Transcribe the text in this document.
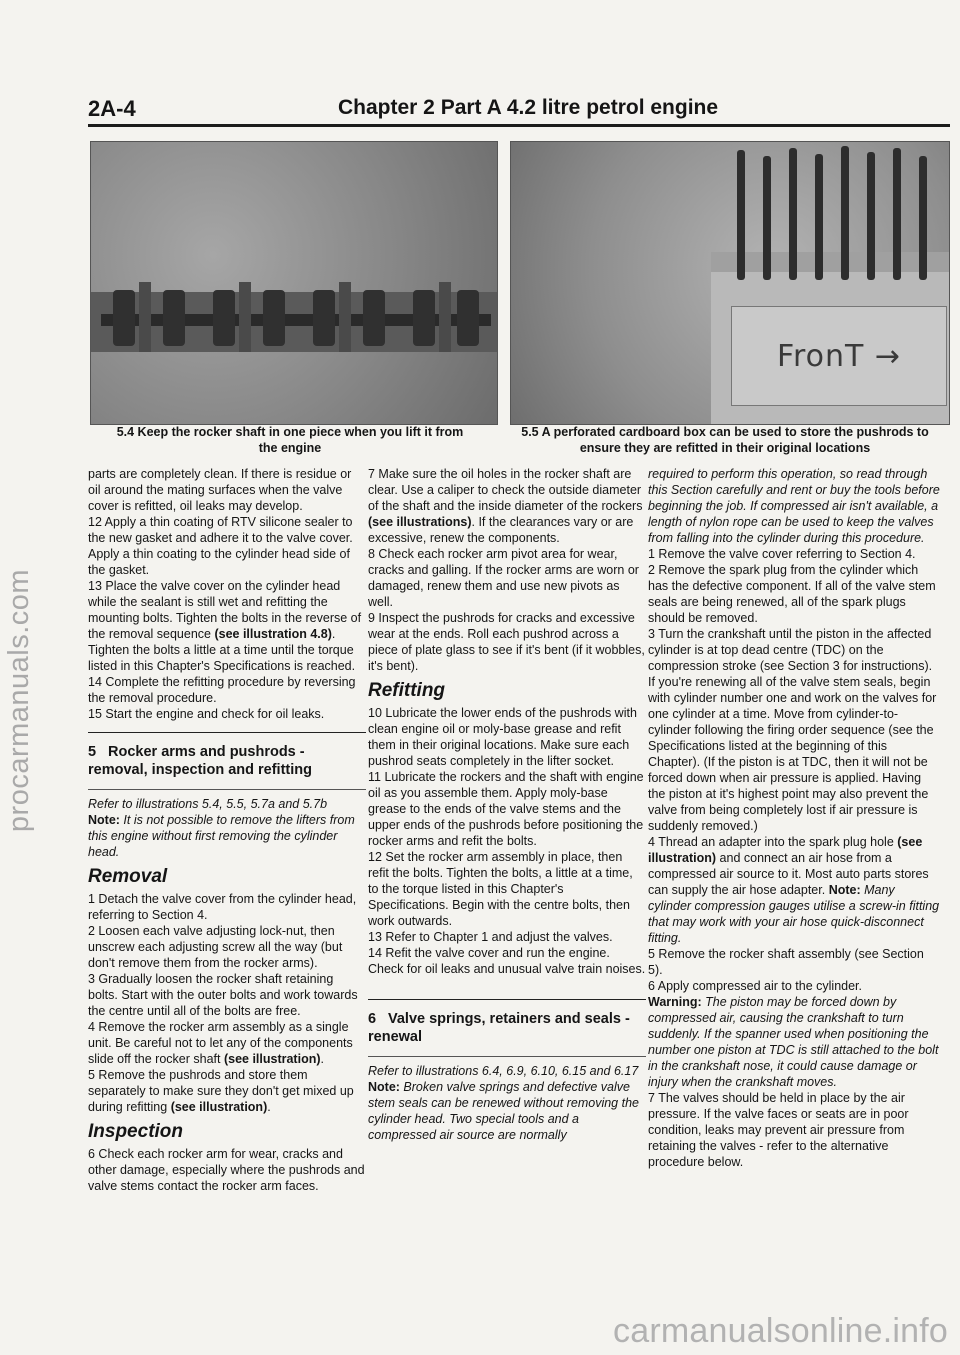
procarmanuals.com
2A-4	Chapter 2 Part A 4.2 litre petrol engine
FronT →
5.4 Keep the rocker shaft in one piece when you lift it from the engine
5.5 A perforated cardboard box can be used to store the pushrods to ensure they are refitted in their original locations

parts are completely clean. If there is residue or oil around the mating surfaces when the valve cover is refitted, oil leaks may develop.

12 Apply a thin coating of RTV silicone sealer to the new gasket and adhere it to the valve cover. Apply a thin coating to the cylinder head side of the gasket.

13 Place the valve cover on the cylinder head while the sealant is still wet and refitting the mounting bolts. Tighten the bolts in the reverse of the removal sequence (see illustration 4.8). Tighten the bolts a little at a time until the torque listed in this Chapter's Specifications is reached.

14 Complete the refitting procedure by reversing the removal procedure.

15 Start the engine and check for oil leaks.

5 Rocker arms and pushrods - removal, inspection and refitting

Refer to illustrations 5.4, 5.5, 5.7a and 5.7b

Note: It is not possible to remove the lifters from this engine without first removing the cylinder head.

Removal

1 Detach the valve cover from the cylinder head, referring to Section 4.

2 Loosen each valve adjusting lock-nut, then unscrew each adjusting screw all the way (but don't remove them from the rocker arms).

3 Gradually loosen the rocker shaft retaining bolts. Start with the outer bolts and work towards the centre until all of the bolts are free.

4 Remove the rocker arm assembly as a single unit. Be careful not to let any of the components slide off the rocker shaft (see illustration).

5 Remove the pushrods and store them separately to make sure they don't get mixed up during refitting (see illustration).

Inspection

6 Check each rocker arm for wear, cracks and other damage, especially where the pushrods and valve stems contact the rocker arm faces.

7 Make sure the oil holes in the rocker shaft are clear. Use a caliper to check the outside diameter of the shaft and the inside diameter of the rockers (see illustrations). If the clearances vary or are excessive, renew the components.

8 Check each rocker arm pivot area for wear, cracks and galling. If the rocker arms are worn or damaged, renew them and use new pivots as well.

9 Inspect the pushrods for cracks and excessive wear at the ends. Roll each pushrod across a piece of plate glass to see if it's bent (if it wobbles, it's bent).

Refitting

10 Lubricate the lower ends of the pushrods with clean engine oil or moly-base grease and refit them in their original locations. Make sure each pushrod seats completely in the lifter socket.

11 Lubricate the rockers and the shaft with engine oil as you assemble them. Apply moly-base grease to the ends of the valve stems and the upper ends of the pushrods before positioning the rocker arms and refit the bolts.

12 Set the rocker arm assembly in place, then refit the bolts. Tighten the bolts, a little at a time, to the torque listed in this Chapter's Specifications. Begin with the centre bolts, then work outwards.

13 Refer to Chapter 1 and adjust the valves.

14 Refit the valve cover and run the engine. Check for oil leaks and unusual valve train noises.

6 Valve springs, retainers and seals - renewal

Refer to illustrations 6.4, 6.9, 6.10, 6.15 and 6.17

Note: Broken valve springs and defective valve stem seals can be renewed without removing the cylinder head. Two special tools and a compressed air source are normally

required to perform this operation, so read through this Section carefully and rent or buy the tools before beginning the job. If compressed air isn't available, a length of nylon rope can be used to keep the valves from falling into the cylinder during this procedure.

1 Remove the valve cover referring to Section 4.

2 Remove the spark plug from the cylinder which has the defective component. If all of the valve stem seals are being renewed, all of the spark plugs should be removed.

3 Turn the crankshaft until the piston in the affected cylinder is at top dead centre (TDC) on the compression stroke (see Section 3 for instructions). If you're renewing all of the valve stem seals, begin with cylinder number one and work on the valves for one cylinder at a time. Move from cylinder-to-cylinder following the firing order sequence (see the Specifications listed at the beginning of this Chapter). (If the piston is at TDC, then it will not be forced down when air pressure is applied. Having the piston at it's highest point may also prevent the valve from being completely lost if air pressure is suddenly removed.)

4 Thread an adapter into the spark plug hole (see illustration) and connect an air hose from a compressed air source to it. Most auto parts stores can supply the air hose adapter. Note: Many cylinder compression gauges utilise a screw-in fitting that may work with your air hose quick-disconnect fitting.

5 Remove the rocker shaft assembly (see Section 5).

6 Apply compressed air to the cylinder.

Warning: The piston may be forced down by compressed air, causing the crankshaft to turn suddenly. If the spanner used when positioning the number one piston at TDC is still attached to the bolt in the crankshaft nose, it could cause damage or injury when the crankshaft moves.

7 The valves should be held in place by the air pressure. If the valve faces or seats are in poor condition, leaks may prevent air pressure from retaining the valves - refer to the alternative procedure below.

carmanualsonline.info
